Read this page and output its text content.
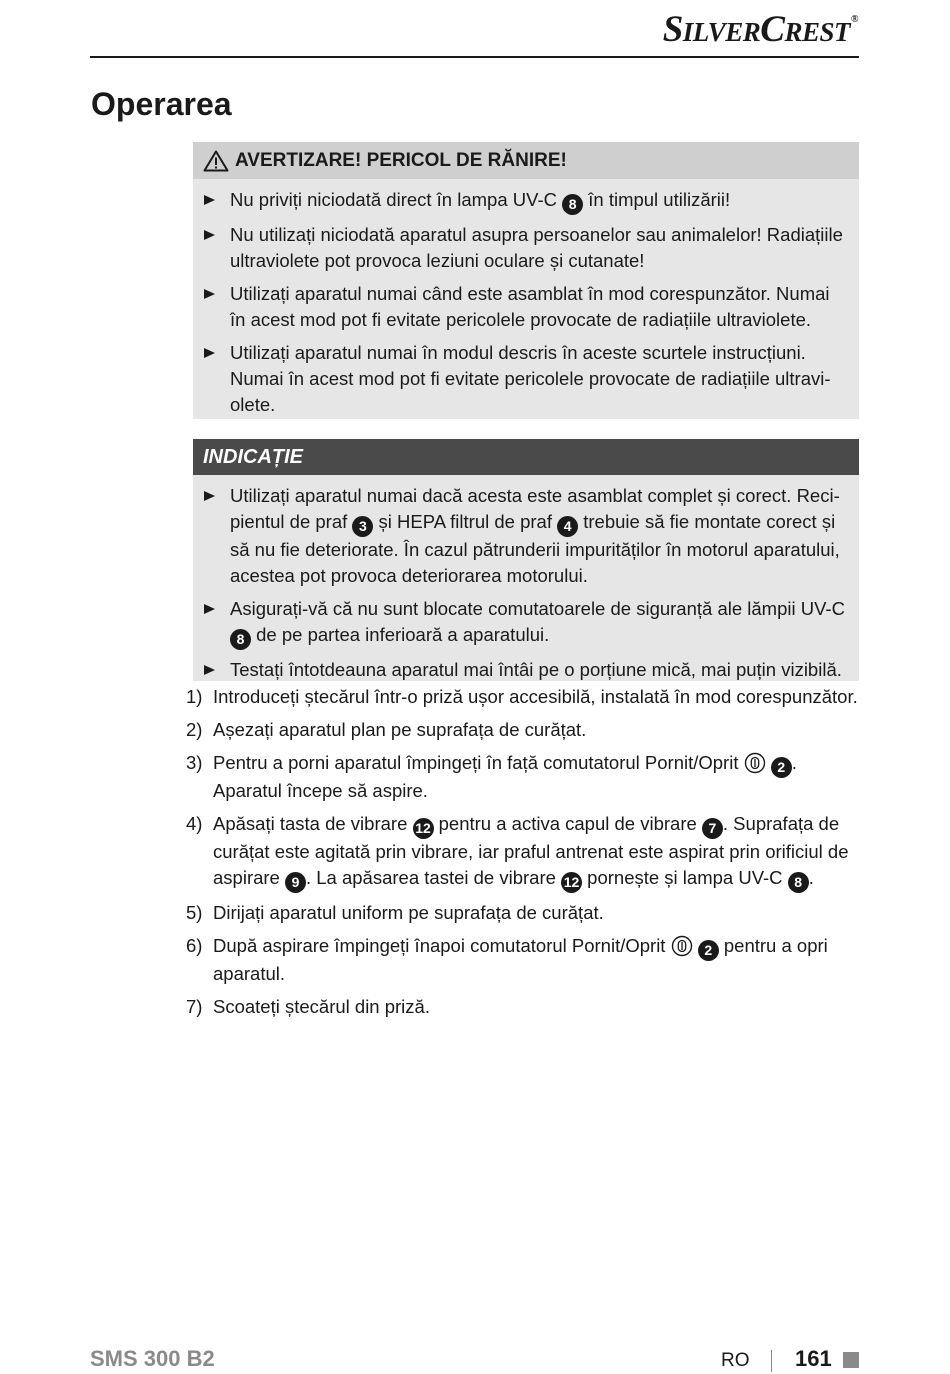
SILVERCREST®
Operarea
AVERTIZARE! PERICOL DE RĂNIRE!
Nu priviți niciodată direct în lampa UV-C 8 în timpul utilizării!
Nu utilizați niciodată aparatul asupra persoanelor sau animalelor! Radiațiile ultraviolete pot provoca leziuni oculare și cutanate!
Utilizați aparatul numai când este asamblat în mod corespunzător. Numai în acest mod pot fi evitate pericolele provocate de radiațiile ultraviolete.
Utilizați aparatul numai în modul descris în aceste scurtele instrucțiuni. Numai în acest mod pot fi evitate pericolele provocate de radiațiile ultravi-olete.
INDICAȚIE
Utilizați aparatul numai dacă acesta este asamblat complet și corect. Reci-pientul de praf 3 și HEPA filtrul de praf 4 trebuie să fie montate corect și să nu fie deteriorate. În cazul pătrunderii impurităților în motorul aparatului, acestea pot provoca deteriorarea motorului.
Asigurați-vă că nu sunt blocate comutatoarele de siguranță ale lămpii UV-C 8 de pe partea inferioară a aparatului.
Testați întotdeauna aparatul mai întâi pe o porțiune mică, mai puțin vizibilă.
1) Introduceți ștecărul într-o priză ușor accesibilă, instalată în mod corespunzător.
2) Așezați aparatul plan pe suprafața de curățat.
3) Pentru a porni aparatul împingeți în față comutatorul Pornit/Oprit  2 . Aparatul începe să aspire.
4) Apăsați tasta de vibrare 12 pentru a activa capul de vibrare 7 . Suprafața de curățat este agitată prin vibrare, iar praful antrenat este aspirat prin orificiul de aspirare 9 . La apăsarea tastei de vibrare 12 pornește și lampa UV-C 8 .
5) Dirijați aparatul uniform pe suprafața de curățat.
6) După aspirare împingeți înapoi comutatorul Pornit/Oprit  2 pentru a opri aparatul.
7) Scoateți ștecărul din priză.
SMS 300 B2	RO 161
